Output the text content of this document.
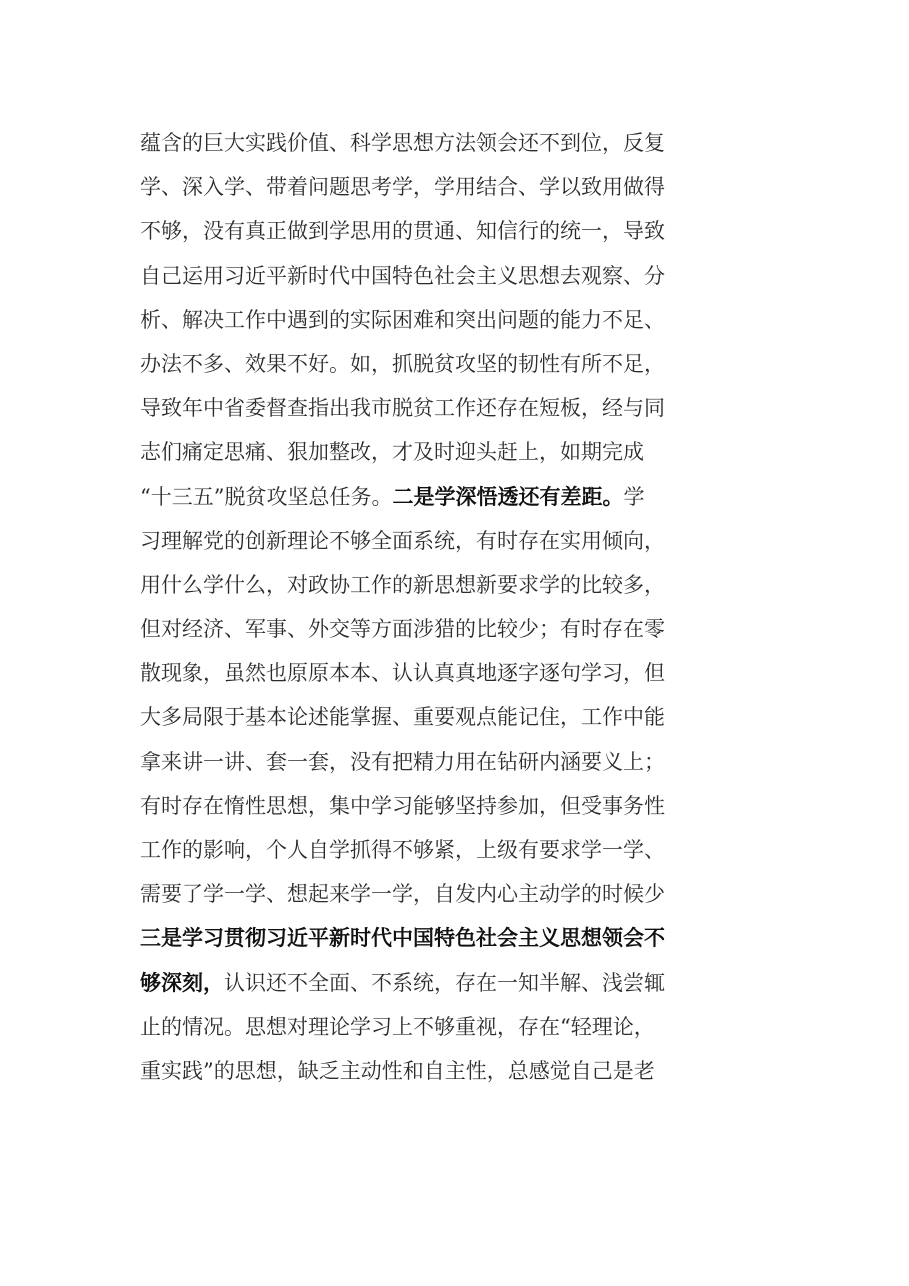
蕴含的巨大实践价值、科学思想方法领会还不到位，反复
学、深入学、带着问题思考学，学用结合、学以致用做得
不够，没有真正做到学思用的贯通、知信行的统一，导致
自己运用习近平新时代中国特色社会主义思想去观察、分
析、解决工作中遇到的实际困难和突出问题的能力不足、
办法不多、效果不好。如，抓脱贫攻坚的韧性有所不足，
导致年中省委督查指出我市脱贫工作还存在短板，经与同
志们痛定思痛、狠加整改，才及时迎头赶上，如期完成
“十三五”脱贫攻坚总任务。二是学深悟透还有差距。学
习理解党的创新理论不够全面系统，有时存在实用倾向，
用什么学什么，对政协工作的新思想新要求学的比较多，
但对经济、军事、外交等方面涉猎的比较少；有时存在零
散现象，虽然也原原本本、认认真真地逐字逐句学习，但
大多局限于基本论述能掌握、重要观点能记住，工作中能
拿来讲一讲、套一套，没有把精力用在钻研内涵要义上；
有时存在惰性思想，集中学习能够坚持参加，但受事务性
工作的影响，个人自学抓得不够紧，上级有要求学一学、
需要了学一学、想起来学一学，自发内心主动学的时候少
三是学习贯彻习近平新时代中国特色社会主义思想领会不
够深刻，认识还不全面、不系统，存在一知半解、浅尝辄
止的情况。思想对理论学习上不够重视，存在“轻理论，
重实践”的思想，缺乏主动性和自主性，总感觉自己是老
